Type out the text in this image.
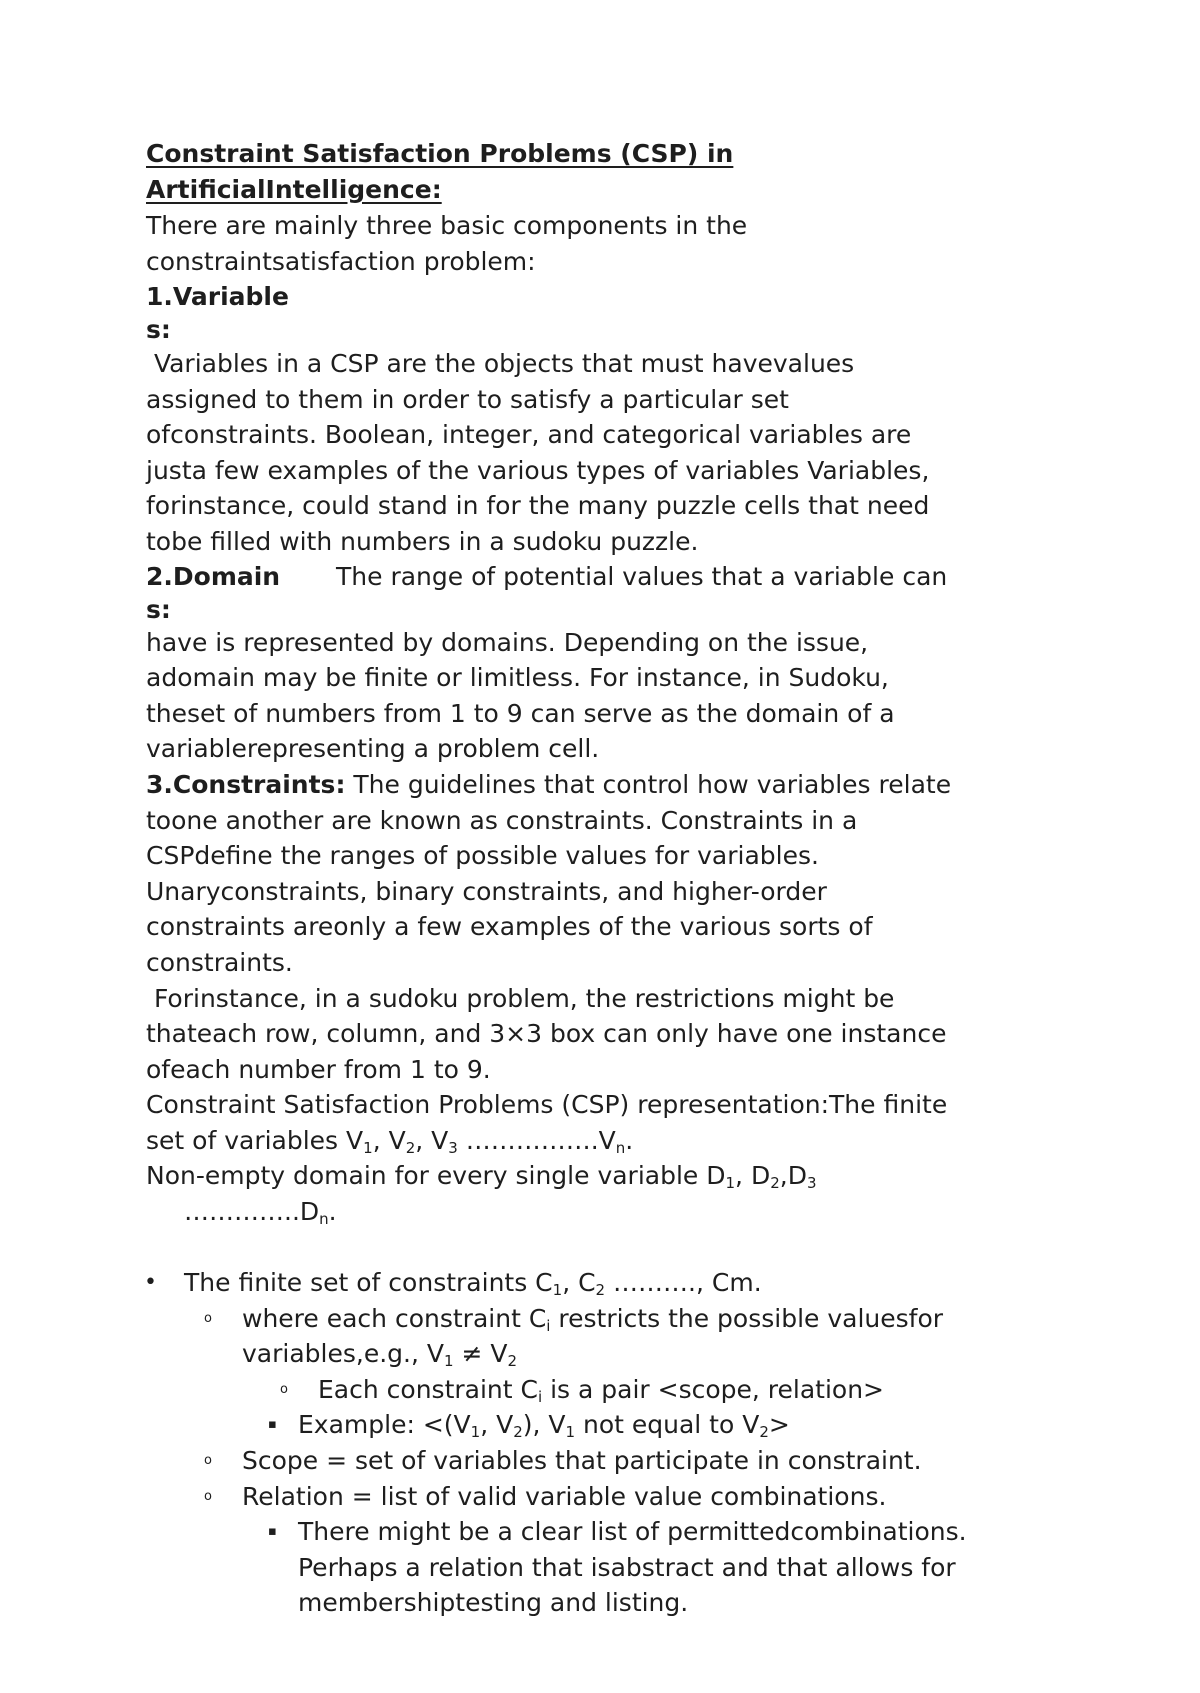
Constraint Satisfaction Problems (CSP) in
ArtificialIntelligence:
There are mainly three basic components in the
constraintsatisfaction problem:
1.Variable
s:
Variables in a CSP are the objects that must havevalues
assigned to them in order to satisfy a particular set
ofconstraints. Boolean, integer, and categorical variables are
justa few examples of the various types of variables Variables,
forinstance, could stand in for the many puzzle cells that need
tobe filled with numbers in a sudoku puzzle.
2.Domain The range of potential values that a variable can
s:
have is represented by domains. Depending on the issue,
adomain may be finite or limitless. For instance, in Sudoku,
theset of numbers from 1 to 9 can serve as the domain of a
variablerepresenting a problem cell.
3.Constraints: The guidelines that control how variables relate
toone another are known as constraints. Constraints in a
CSPdefine the ranges of possible values for variables.
Unaryconstraints, binary constraints, and higher-order
constraints areonly a few examples of the various sorts of
constraints.
Forinstance, in a sudoku problem, the restrictions might be
thateach row, column, and 3×3 box can only have one instance
ofeach number from 1 to 9.
Constraint Satisfaction Problems (CSP) representation:The finite
set of variables $V_1$, $V_2$, $V_3$ $\dots\dots\dots\dots\dots.V_n$.
Non-empty domain for every single variable $D_1$, $D_2,D_3$
$\dots\dots\dots\dots..D_n$.
• The finite set of constraints $C_1$, $C_2$ ………., Cm.
o where each constraint $C_i$ restricts the possible valuesfor
variables,e.g., $V_1 \ne V_2$
o Each constraint $C_i$ is a pair <scope, relation>
▪ Example: $<(V_1$, $V_2$), $V_1$ not equal to $V_2>$
o Scope = set of variables that participate in constraint.
o Relation = list of valid variable value combinations.
▪ There might be a clear list of permittedcombinations.
Perhaps a relation that isabstract and that allows for
membershiptesting and listing.
